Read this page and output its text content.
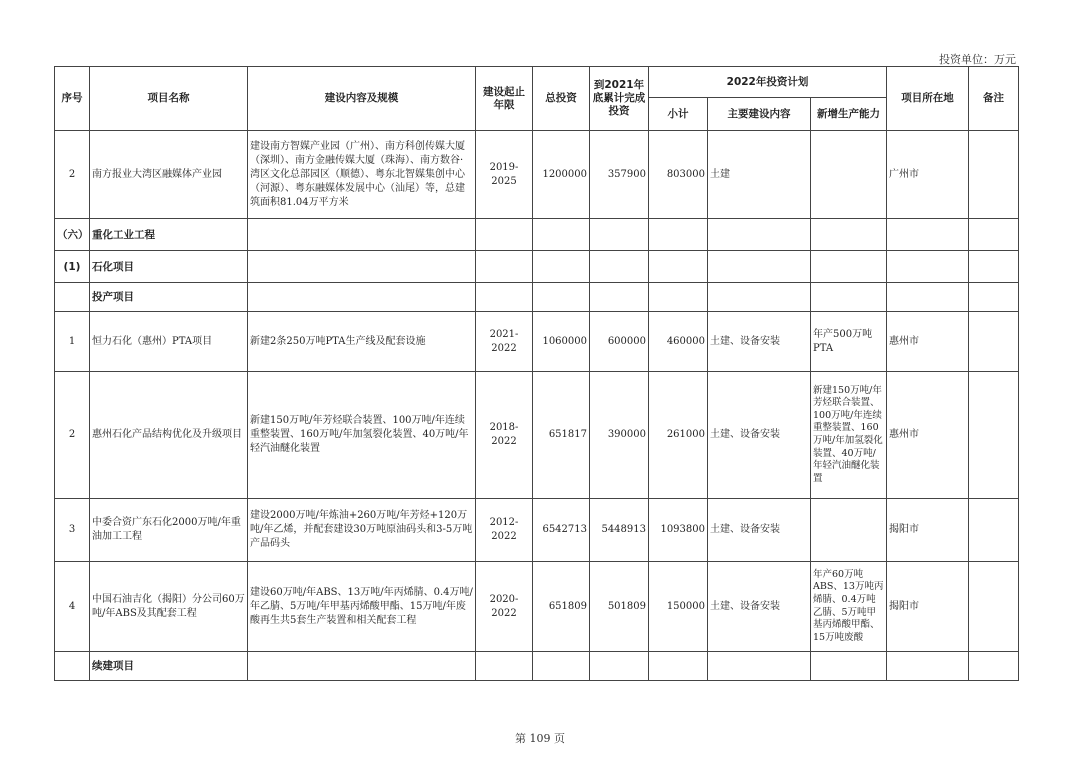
投资单位：万元
序号	项目名称	建设内容及规模	建设起止年限	总投资	到2021年底累计完成投资	2022年投资计划			项目所在地	备注
						小计	主要建设内容	新增生产能力		
2	南方报业大湾区融媒体产业园	建设南方智媒产业园（广州）、南方科创传媒大厦（深圳）、南方金融传媒大厦（珠海）、南方数谷·湾区文化总部园区（顺德）、粤东北智媒集创中心（河源）、粤东融媒体发展中心（汕尾）等，总建筑面积81.04万平方米	2019-2025	1200000	357900	803000	土建		广州市	
（六）	重化工业工程									
(1)	石化项目									
	投产项目									
1	恒力石化（惠州）PTA项目	新建2条250万吨PTA生产线及配套设施	2021-2022	1060000	600000	460000	土建、设备安装	年产500万吨PTA	惠州市	
2	惠州石化产品结构优化及升级项目	新建150万吨/年芳烃联合装置、100万吨/年连续重整装置、160万吨/年加氢裂化装置、40万吨/年轻汽油醚化装置	2018-2022	651817	390000	261000	土建、设备安装	新建150万吨/年芳烃联合装置、100万吨/年连续重整装置、160万吨/年加氢裂化装置、40万吨/年轻汽油醚化装置	惠州市	
3	中委合资广东石化2000万吨/年重油加工工程	建设2000万吨/年炼油+260万吨/年芳烃+120万吨/年乙烯，并配套建设30万吨原油码头和3-5万吨产品码头	2012-2022	6542713	5448913	1093800	土建、设备安装		揭阳市	
4	中国石油吉化（揭阳）分公司60万吨/年ABS及其配套工程	建设60万吨/年ABS、13万吨/年丙烯腈、0.4万吨/年乙腈、5万吨/年甲基丙烯酸甲酯、15万吨/年废酸再生共5套生产装置和相关配套工程	2020-2022	651809	501809	150000	土建、设备安装	年产60万吨ABS、13万吨丙烯腈、0.4万吨乙腈、5万吨甲基丙烯酸甲酯、15万吨废酸	揭阳市	
	续建项目									
第 109 页
